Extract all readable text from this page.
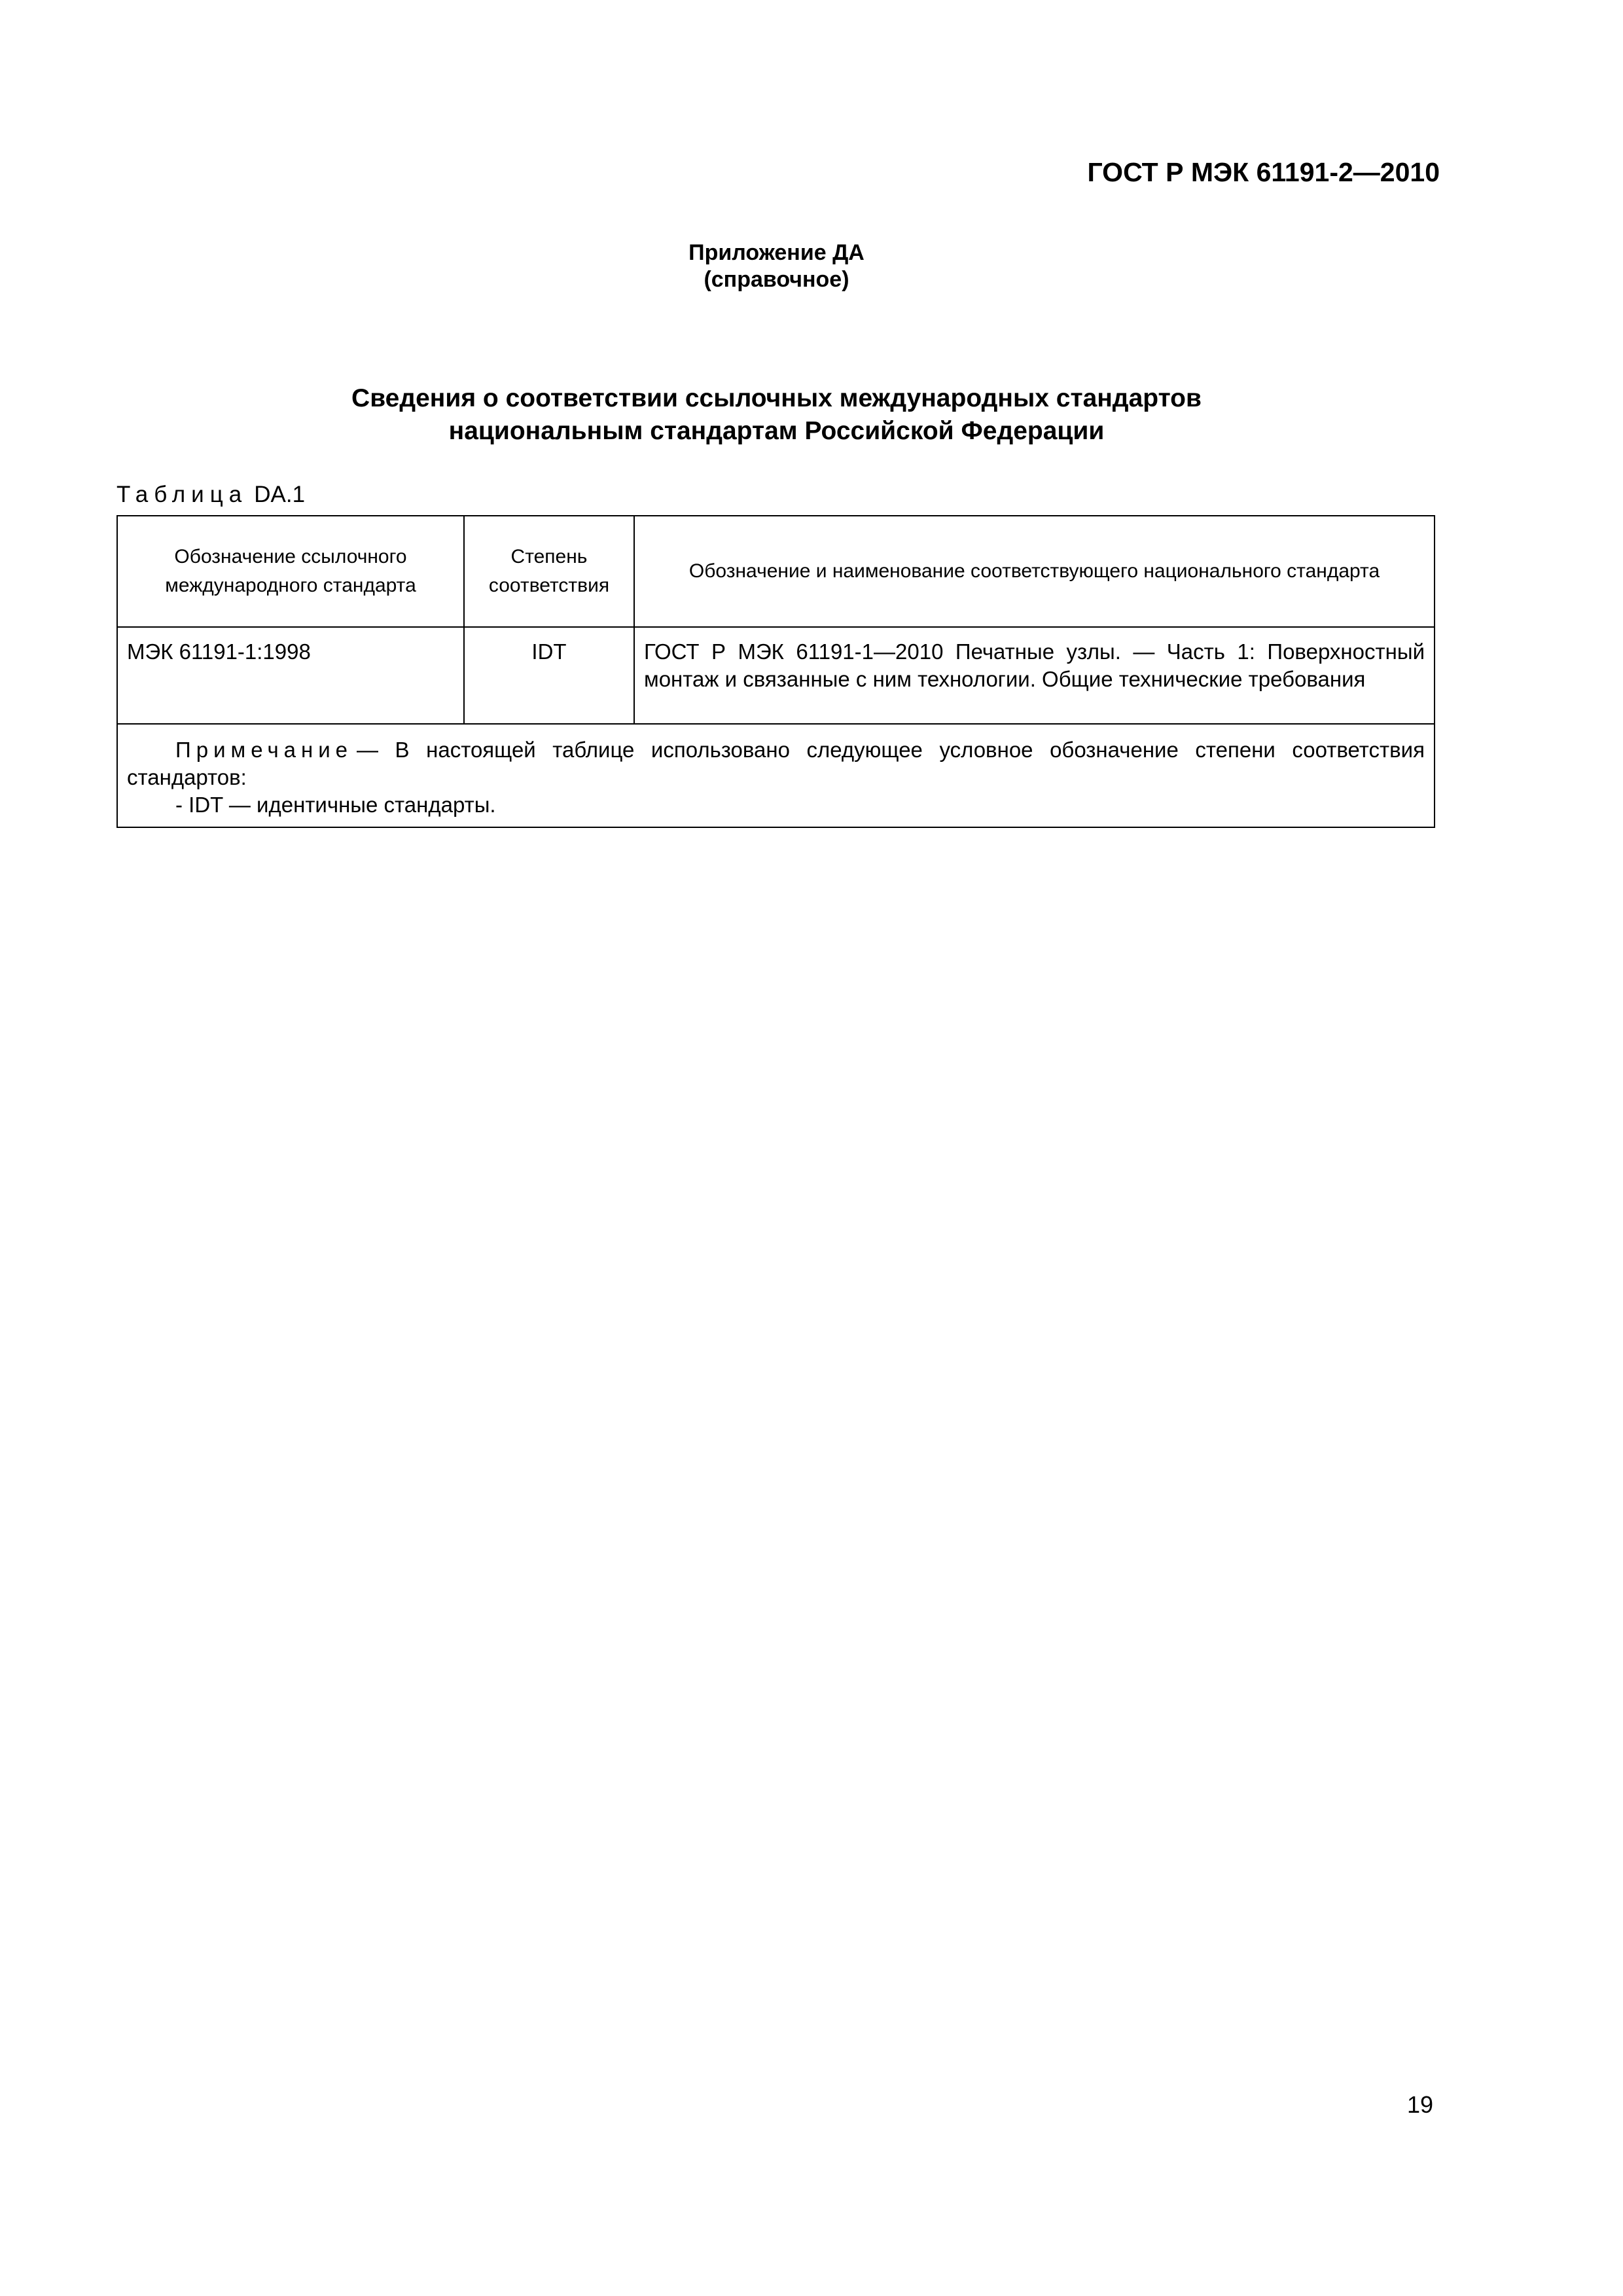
ГОСТ Р МЭК 61191-2—2010
Приложение ДА
(справочное)
Сведения о соответствии ссылочных международных стандартов
национальным стандартам Российской Федерации
Таблица DA.1
Обозначение ссылочного международного стандарта	Степень соответствия	Обозначение и наименование соответствующего национального стандарта
МЭК 61191-1:1998	IDT	ГОСТ Р МЭК 61191-1—2010 Печатные узлы. — Часть 1: Поверхностный монтаж и связанные с ним технологии. Общие технические требования

Примечание — В настоящей таблице использовано следующее условное обозначение степени соответствия стандартов:
- IDT — идентичные стандарты.		
19
